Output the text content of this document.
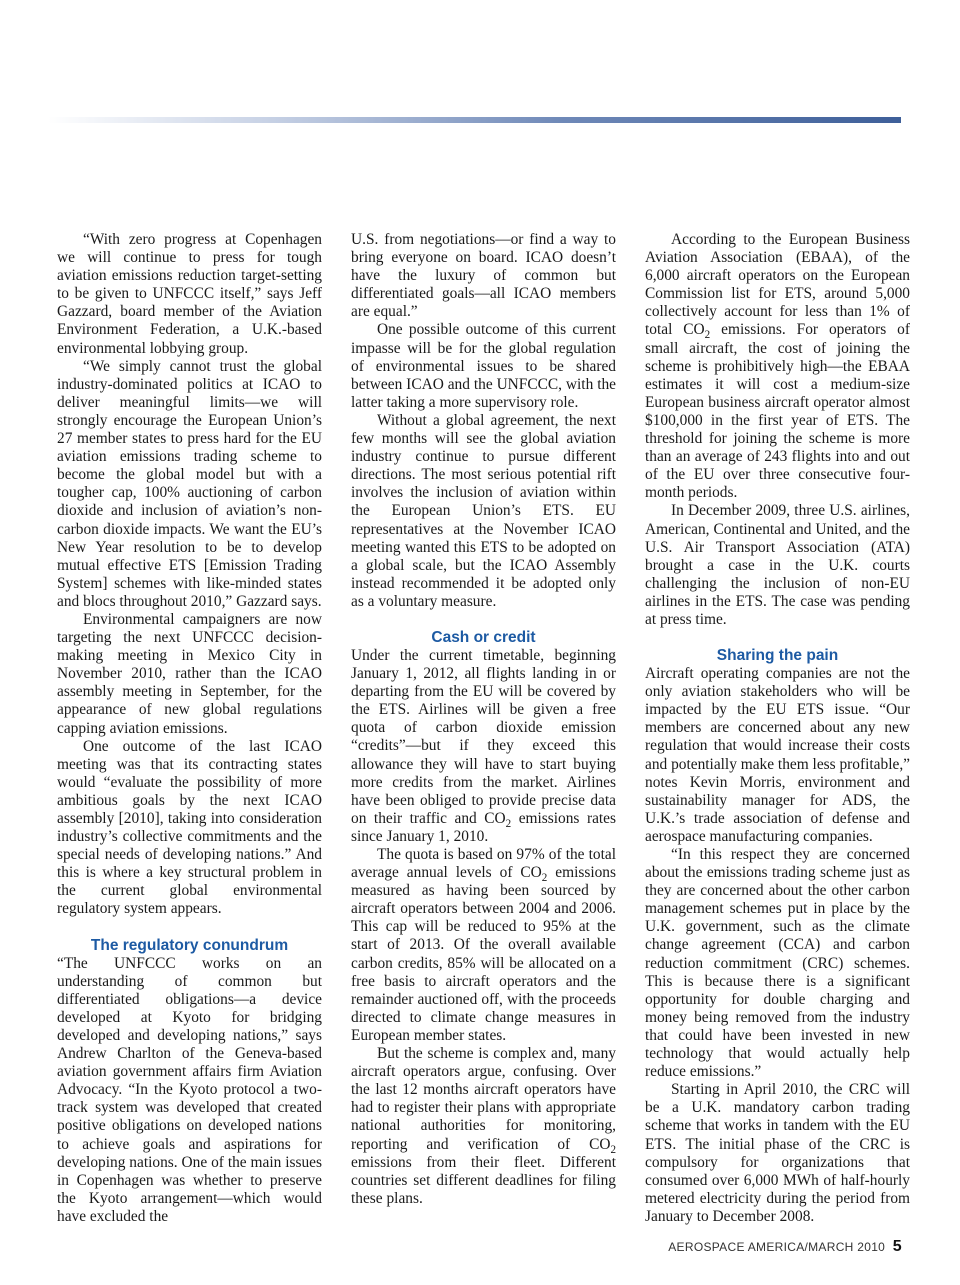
“With zero progress at Copenhagen we will continue to press for tough aviation emissions reduction target-setting to be given to UNFCCC itself,” says Jeff Gazzard, board member of the Aviation Environment Federation, a U.K.-based environmental lobbying group.

“We simply cannot trust the global industry-dominated politics at ICAO to deliver meaningful limits—we will strongly encourage the European Union’s 27 member states to press hard for the EU aviation emissions trading scheme to become the global model but with a tougher cap, 100% auctioning of carbon dioxide and inclusion of aviation’s non-carbon dioxide impacts. We want the EU’s New Year resolution to be to develop mutual effective ETS [Emission Trading System] schemes with like-minded states and blocs throughout 2010,” Gazzard says.

Environmental campaigners are now targeting the next UNFCCC decision-making meeting in Mexico City in November 2010, rather than the ICAO assembly meeting in September, for the appearance of new global regulations capping aviation emissions.

One outcome of the last ICAO meeting was that its contracting states would “evaluate the possibility of more ambitious goals by the next ICAO assembly [2010], taking into consideration industry’s collective commitments and the special needs of developing nations.” And this is where a key structural problem in the current global environmental regulatory system appears.

The regulatory conundrum

“The UNFCCC works on an understanding of common but differentiated obligations—a device developed at Kyoto for bridging developed and developing nations,” says Andrew Charlton of the Geneva-based aviation government affairs firm Aviation Advocacy. “In the Kyoto protocol a two-track system was developed that created positive obligations on developed nations to achieve goals and aspirations for developing nations. One of the main issues in Copenhagen was whether to preserve the Kyoto arrangement—which would have excluded the

U.S. from negotiations—or find a way to bring everyone on board. ICAO doesn’t have the luxury of common but differentiated goals—all ICAO members are equal.”

One possible outcome of this current impasse will be for the global regulation of environmental issues to be shared between ICAO and the UNFCCC, with the latter taking a more supervisory role.

Without a global agreement, the next few months will see the global aviation industry continue to pursue different directions. The most serious potential rift involves the inclusion of aviation within the European Union’s ETS. EU representatives at the November ICAO meeting wanted this ETS to be adopted on a global scale, but the ICAO Assembly instead recommended it be adopted only as a voluntary measure.

Cash or credit

Under the current timetable, beginning January 1, 2012, all flights landing in or departing from the EU will be covered by the ETS. Airlines will be given a free quota of carbon dioxide emission “credits”—but if they exceed this allowance they will have to start buying more credits from the market. Airlines have been obliged to provide precise data on their traffic and $CO_2$ emissions rates since January 1, 2010.

The quota is based on 97% of the total average annual levels of $CO_2$ emissions measured as having been sourced by aircraft operators between 2004 and 2006. This cap will be reduced to 95% at the start of 2013. Of the overall available carbon credits, 85% will be allocated on a free basis to aircraft operators and the remainder auctioned off, with the proceeds directed to climate change measures in European member states.

But the scheme is complex and, many aircraft operators argue, confusing. Over the last 12 months aircraft operators have had to register their plans with appropriate national authorities for monitoring, reporting and verification of $CO_2$ emissions from their fleet. Different countries set different deadlines for filing these plans.

According to the European Business Aviation Association (EBAA), of the 6,000 aircraft operators on the European Commission list for ETS, around 5,000 collectively account for less than 1% of total $CO_2$ emissions. For operators of small aircraft, the cost of joining the scheme is prohibitively high—the EBAA estimates it will cost a medium-size European business aircraft operator almost $100,000 in the first year of ETS. The threshold for joining the scheme is more than an average of 243 flights into and out of the EU over three consecutive four-month periods.

In December 2009, three U.S. airlines, American, Continental and United, and the U.S. Air Transport Association (ATA) brought a case in the U.K. courts challenging the inclusion of non-EU airlines in the ETS. The case was pending at press time.

Sharing the pain

Aircraft operating companies are not the only aviation stakeholders who will be impacted by the EU ETS issue. “Our members are concerned about any new regulation that would increase their costs and potentially make them less profitable,” notes Kevin Morris, environment and sustainability manager for ADS, the U.K.’s trade association of defense and aerospace manufacturing companies.

“In this respect they are concerned about the emissions trading scheme just as they are concerned about the other carbon management schemes put in place by the U.K. government, such as the climate change agreement (CCA) and carbon reduction commitment (CRC) schemes. This is because there is a significant opportunity for double charging and money being removed from the industry that could have been invested in new technology that would actually help reduce emissions.”

Starting in April 2010, the CRC will be a U.K. mandatory carbon trading scheme that works in tandem with the EU ETS. The initial phase of the CRC is compulsory for organizations that consumed over 6,000 MWh of half-hourly metered electricity during the period from January to December 2008.

AEROSPACE AMERICA/MARCH 2010 5
